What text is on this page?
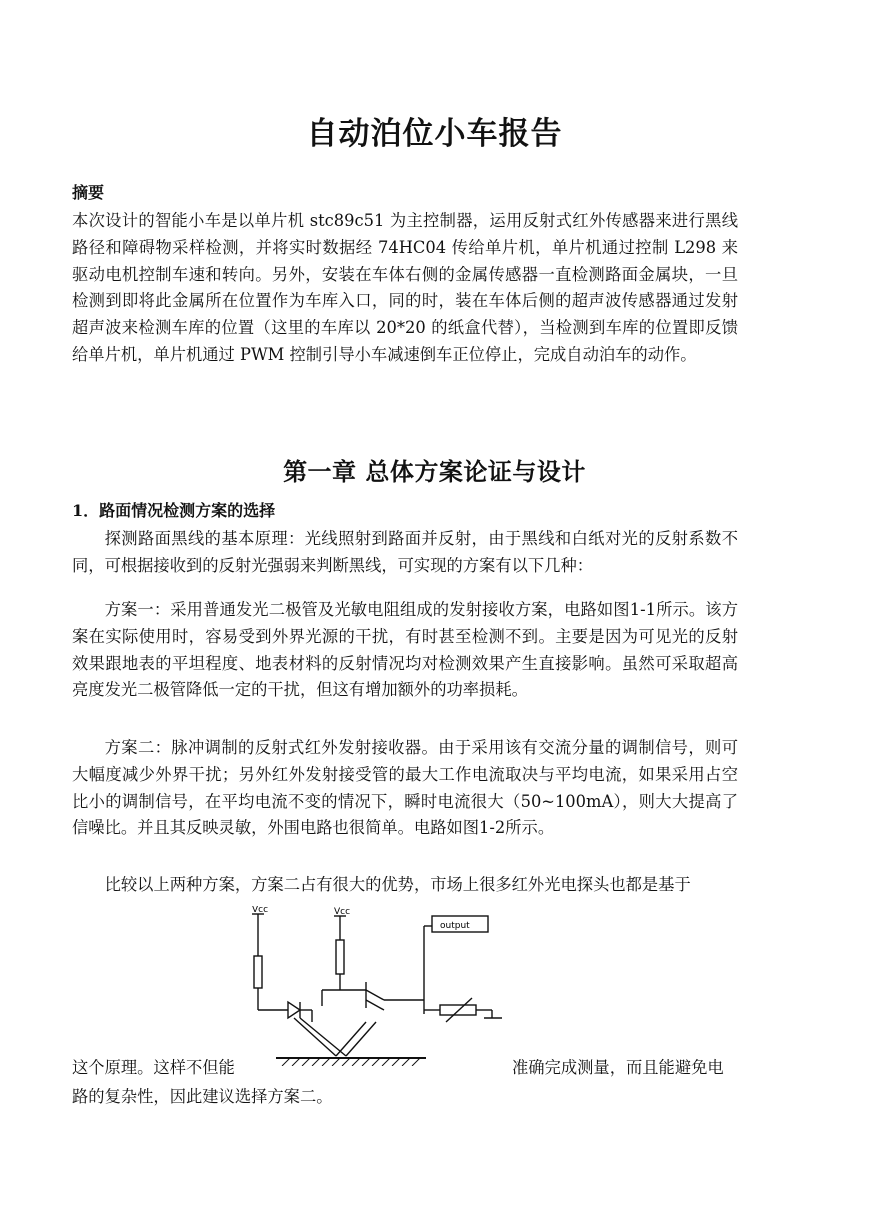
自动泊位小车报告
摘要

本次设计的智能小车是以单片机 stc89c51 为主控制器，运用反射式红外传感器来进行黑线路径和障碍物采样检测，并将实时数据经 74HC04 传给单片机，单片机通过控制 L298 来驱动电机控制车速和转向。另外，安装在车体右侧的金属传感器一直检测路面金属块，一旦检测到即将此金属所在位置作为车库入口，同的时，装在车体后侧的超声波传感器通过发射超声波来检测车库的位置（这里的车库以 20*20 的纸盒代替），当检测到车库的位置即反馈给单片机，单片机通过 PWM 控制引导小车减速倒车正位停止，完成自动泊车的动作。

第一章 总体方案论证与设计
1．路面情况检测方案的选择

探测路面黑线的基本原理：光线照射到路面并反射，由于黑线和白纸对光的反射系数不同，可根据接收到的反射光强弱来判断黑线，可实现的方案有以下几种：

方案一：采用普通发光二极管及光敏电阻组成的发射接收方案，电路如图1-1所示。该方案在实际使用时，容易受到外界光源的干扰，有时甚至检测不到。主要是因为可见光的反射效果跟地表的平坦程度、地表材料的反射情况均对检测效果产生直接影响。虽然可采取超高亮度发光二极管降低一定的干扰，但这有增加额外的功率损耗。

方案二：脉冲调制的反射式红外发射接收器。由于采用该有交流分量的调制信号，则可大幅度减少外界干扰；另外红外发射接受管的最大工作电流取决与平均电流，如果采用占空比小的调制信号，在平均电流不变的情况下，瞬时电流很大（50~100mA），则大大提高了信噪比。并且其反映灵敏，外围电路也很简单。电路如图1-2所示。

比较以上两种方案，方案二占有很大的优势，市场上很多红外光电探头也都是基于

这个原理。这样不但能	准确完成测量，而且能避免电
路的复杂性，因此建议选择方案二。
Vcc	Vcc
output
